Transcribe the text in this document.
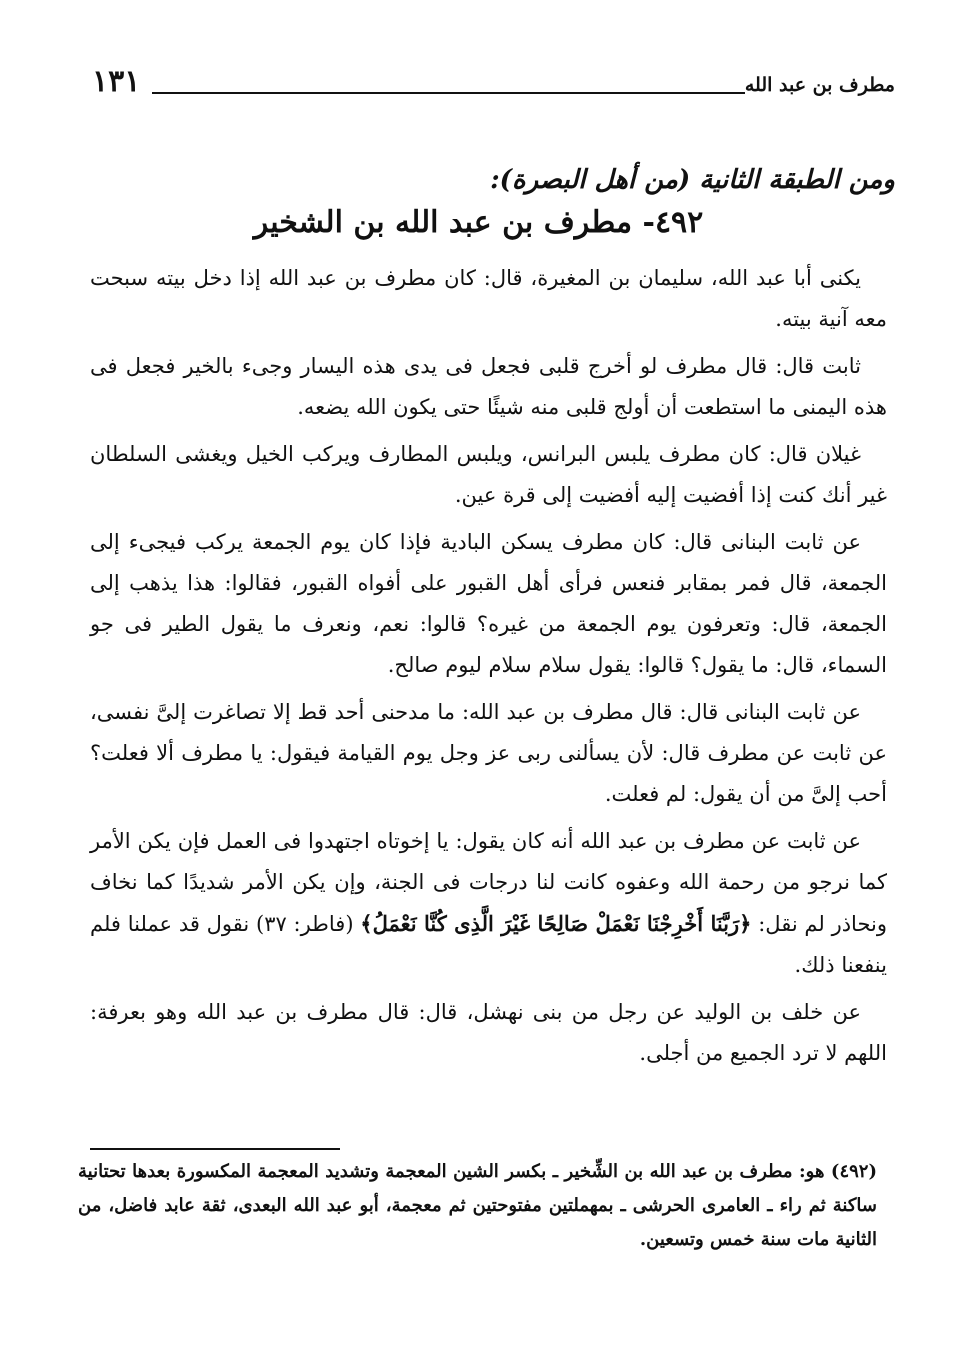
مطرف بن عبد الله
١٣١
ومن الطبقة الثانية (من أهل البصرة):
٤٩٢- مطرف بن عبد الله بن الشخير

يكنى أبا عبد الله، سليمان بن المغيرة، قال: كان مطرف بن عبد الله إذا دخل بيته سبحت معه آنية بيته.

ثابت قال: قال مطرف لو أخرج قلبى فجعل فى يدى هذه اليسار وجىء بالخير فجعل فى هذه اليمنى ما استطعت أن أولج قلبى منه شيئًا حتى يكون الله يضعه.

غيلان قال: كان مطرف يلبس البرانس، ويلبس المطارف ويركب الخيل ويغشى السلطان غير أنك كنت إذا أفضيت إليه أفضيت إلى قرة عين.

عن ثابت البنانى قال: كان مطرف يسكن البادية فإذا كان يوم الجمعة يركب فيجىء إلى الجمعة، قال فمر بمقابر فنعس فرأى أهل القبور على أفواه القبور، فقالوا: هذا يذهب إلى الجمعة، قال: وتعرفون يوم الجمعة من غيره؟ قالوا: نعم، ونعرف ما يقول الطير فى جو السماء، قال: ما يقول؟ قالوا: يقول سلام سلام ليوم صالح.

عن ثابت البنانى قال: قال مطرف بن عبد الله: ما مدحنى أحد قط إلا تصاغرت إلىَّ نفسى، عن ثابت عن مطرف قال: لأن يسألنى ربى عز وجل يوم القيامة فيقول: يا مطرف ألا فعلت؟ أحب إلىَّ من أن يقول: لم فعلت.

عن ثابت عن مطرف بن عبد الله أنه كان يقول: يا إخوتاه اجتهدوا فى العمل فإن يكن الأمر كما نرجو من رحمة الله وعفوه كانت لنا درجات فى الجنة، وإن يكن الأمر شديدًا كما نخاف ونحاذر لم نقل: ﴿رَبَّنَا أَخْرِجْنَا نَعْمَلْ صَالِحًا غَيْرَ الَّذِى كُنَّا نَعْمَلُ﴾ (فاطر: ٣٧) نقول قد عملنا فلم ينفعنا ذلك.

عن خلف بن الوليد عن رجل من بنى نهشل، قال: قال مطرف بن عبد الله وهو بعرفة: اللهم لا ترد الجميع من أجلى.

(٤٩٢) هو: مطرف بن عبد الله بن الشِّخير ـ بكسر الشين المعجمة وتشديد المعجمة المكسورة بعدها تحتانية ساكنة ثم راء ـ العامرى الحرشى ـ بمهملتين مفتوحتين ثم معجمة، أبو عبد الله البعدى، ثقة عابد فاضل، من الثانية مات سنة خمس وتسعين.
